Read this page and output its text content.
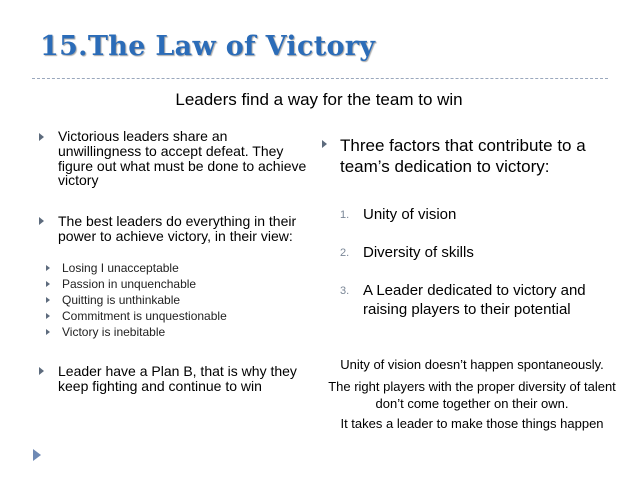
15.The Law of Victory
Leaders find a way for the team to win
Victorious leaders share an unwillingness to accept defeat. They figure out what must be done to achieve victory
The best leaders do everything in their power to achieve victory, in their view:
Losing I unacceptable
Passion in unquenchable
Quitting is unthinkable
Commitment is unquestionable
Victory is inebitable
Leader have a Plan B, that is why they keep fighting and continue to win
Three factors that contribute to a team’s dedication to victory:
1. Unity of vision
2. Diversity of skills
3. A Leader dedicated to victory and raising players to their potential
Unity of vision doesn’t happen spontaneously.
The right players with the proper diversity of talent don’t come together on their own.
It takes a leader to make those things happen
